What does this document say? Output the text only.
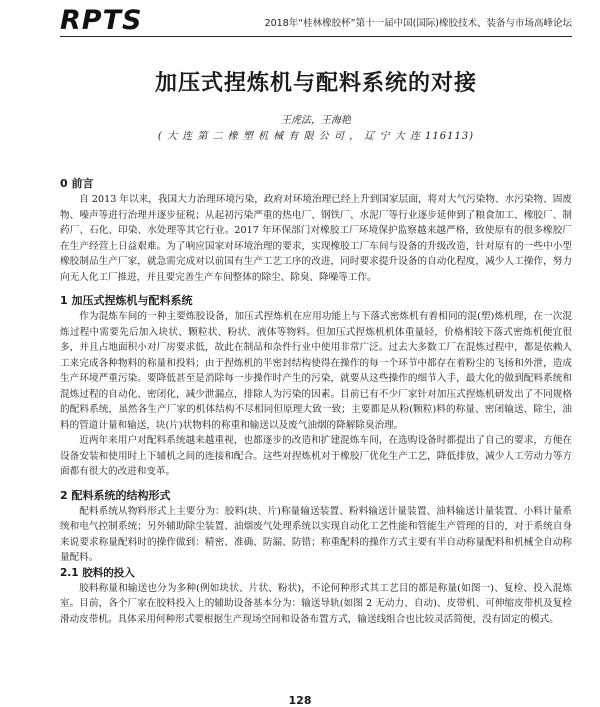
RPTS	2018年“桂林橡胶杯”第十一届中国(国际)橡胶技术、装备与市场高峰论坛
加压式捏炼机与配料系统的对接
王虎法，王海艳
( 大 连 第 二 橡 塑 机 械 有 限 公 司 ， 辽 宁 大 连 116113)
0 前言

自 2013 年以来，我国大力治理环境污染，政府对环境治理已经上升到国家层面，将对大气污染物、水污染物、固废物、噪声等进行治理并逐步征税；从起初污染严重的热电厂、钢铁厂、水泥厂等行业逐步延伸到了粮食加工、橡胶厂、制药厂、石化、印染、水处理等其它行业。2017 年环保部门对橡胶工厂环境保护监察越来越严格，致使原有的很多橡胶厂在生产经营上日益艰难。为了响应国家对环境治理的要求，实现橡胶工厂车间与设备的升级改造，针对原有的一些中小型橡胶制品生产厂家，就急需完成对以前国有生产工艺工序的改进，同时要求提升设备的自动化程度，减少人工操作，努力向无人化工厂推进，并且要完善生产车间整体的除尘、除臭、降噪等工作。

1 加压式捏炼机与配料系统

作为混炼车间的一种主要炼胶设备，加压式捏炼机在应用功能上与下落式密炼机有着相同的混(塑)炼机理，在一次混炼过程中需要先后加入块状、颗粒状、粉状、液体等物料。但加压式捏炼机机体重量轻，价格相较下落式密炼机便宜很多，并且占地面积小对厂房要求低，故此在制品和杂件行业中使用非常广泛。过去大多数工厂在混炼过程中，都是依赖人工来完成各种物料的称量和投料；由于捏炼机的半密封结构使得在操作的每一个环节中都存在着粉尘的飞扬和外泄，造成生产环境严重污染。要降低甚至是消除每一步操作时产生的污染，就要从这些操作的细节入手，最大化的做到配料系统和混炼过程的自动化、密闭化，减少泄漏点，排除人为污染的因素。目前已有不少厂家针对加压式捏炼机研发出了不同规格的配料系统，虽然各生产厂家的机体结构不尽相同但原理大致一致；主要都是从粉(颗粒)料的称量、密闭输送、除尘，油料的管道计量和输送，块(片)状物料的称重和输送以及废气油烟的降解除臭治理。

近两年来用户对配料系统越来越重视，也都逐步的改造和扩建混炼车间，在选购设备时都提出了自己的要求，方便在设备安装和使用时上下辅机之间的连接和配合。这些对捏炼机对于橡胶厂优化生产工艺，降低排放，减少人工劳动力等方面都有很大的改进和变革。

2 配料系统的结构形式

配料系统从物料形式上主要分为：胶料(块、片)称量输送装置、粉料输送计量装置、油料输送计量装置、小料计量系统和电气控制系统；另外辅助除尘装置、油烟废气处理系统以实现自动化工艺性能和管能生产管理的目的，对于系统自身来说要求称量配料时的操作做到：精密、准确、防漏、防错；称重配料的操作方式主要有半自动称量配料和机械全自动称量配料。

2.1 胶料的投入

胶料称量和输送也分为多种(例如块状、片状、粉状)，不论何种形式其工艺目的都是称量(如图一)、复检、投入混炼室。目前，各个厂家在胶料投入上的辅助设备基本分为：输送导轨(如图 2 无动力、自动)、皮带机、可伸缩皮带机及复检滑动皮带机。具体采用何种形式要根据生产现场空间和设备布置方式，输送线组合也比较灵活简便，没有固定的模式。

128
